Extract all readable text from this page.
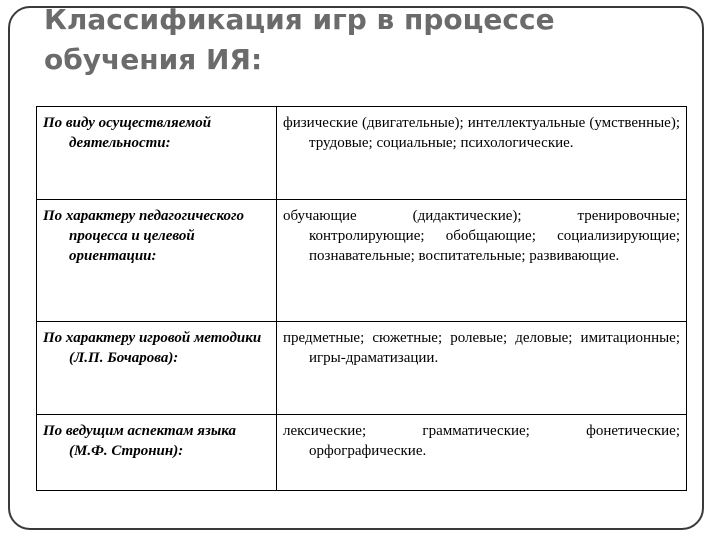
Классификация игр в процессе
обучения ИЯ:
По виду осуществляемой деятельности:	физические (двигательные); интеллектуальные (умственные); трудовые; социальные; психологические.

По характеру педагогического процесса и целевой ориентации:	обучающие (дидактические); тренировочные; контролирующие; обобщающие; социализирующие; познавательные; воспитательные; развивающие.

По характеру игровой методики (Л.П. Бочарова):	предметные; сюжетные; ролевые; деловые; имитационные; игры-драматизации.

По ведущим аспектам языка (М.Ф. Стронин):	лексические; грамматические; фонетические; орфографические.
